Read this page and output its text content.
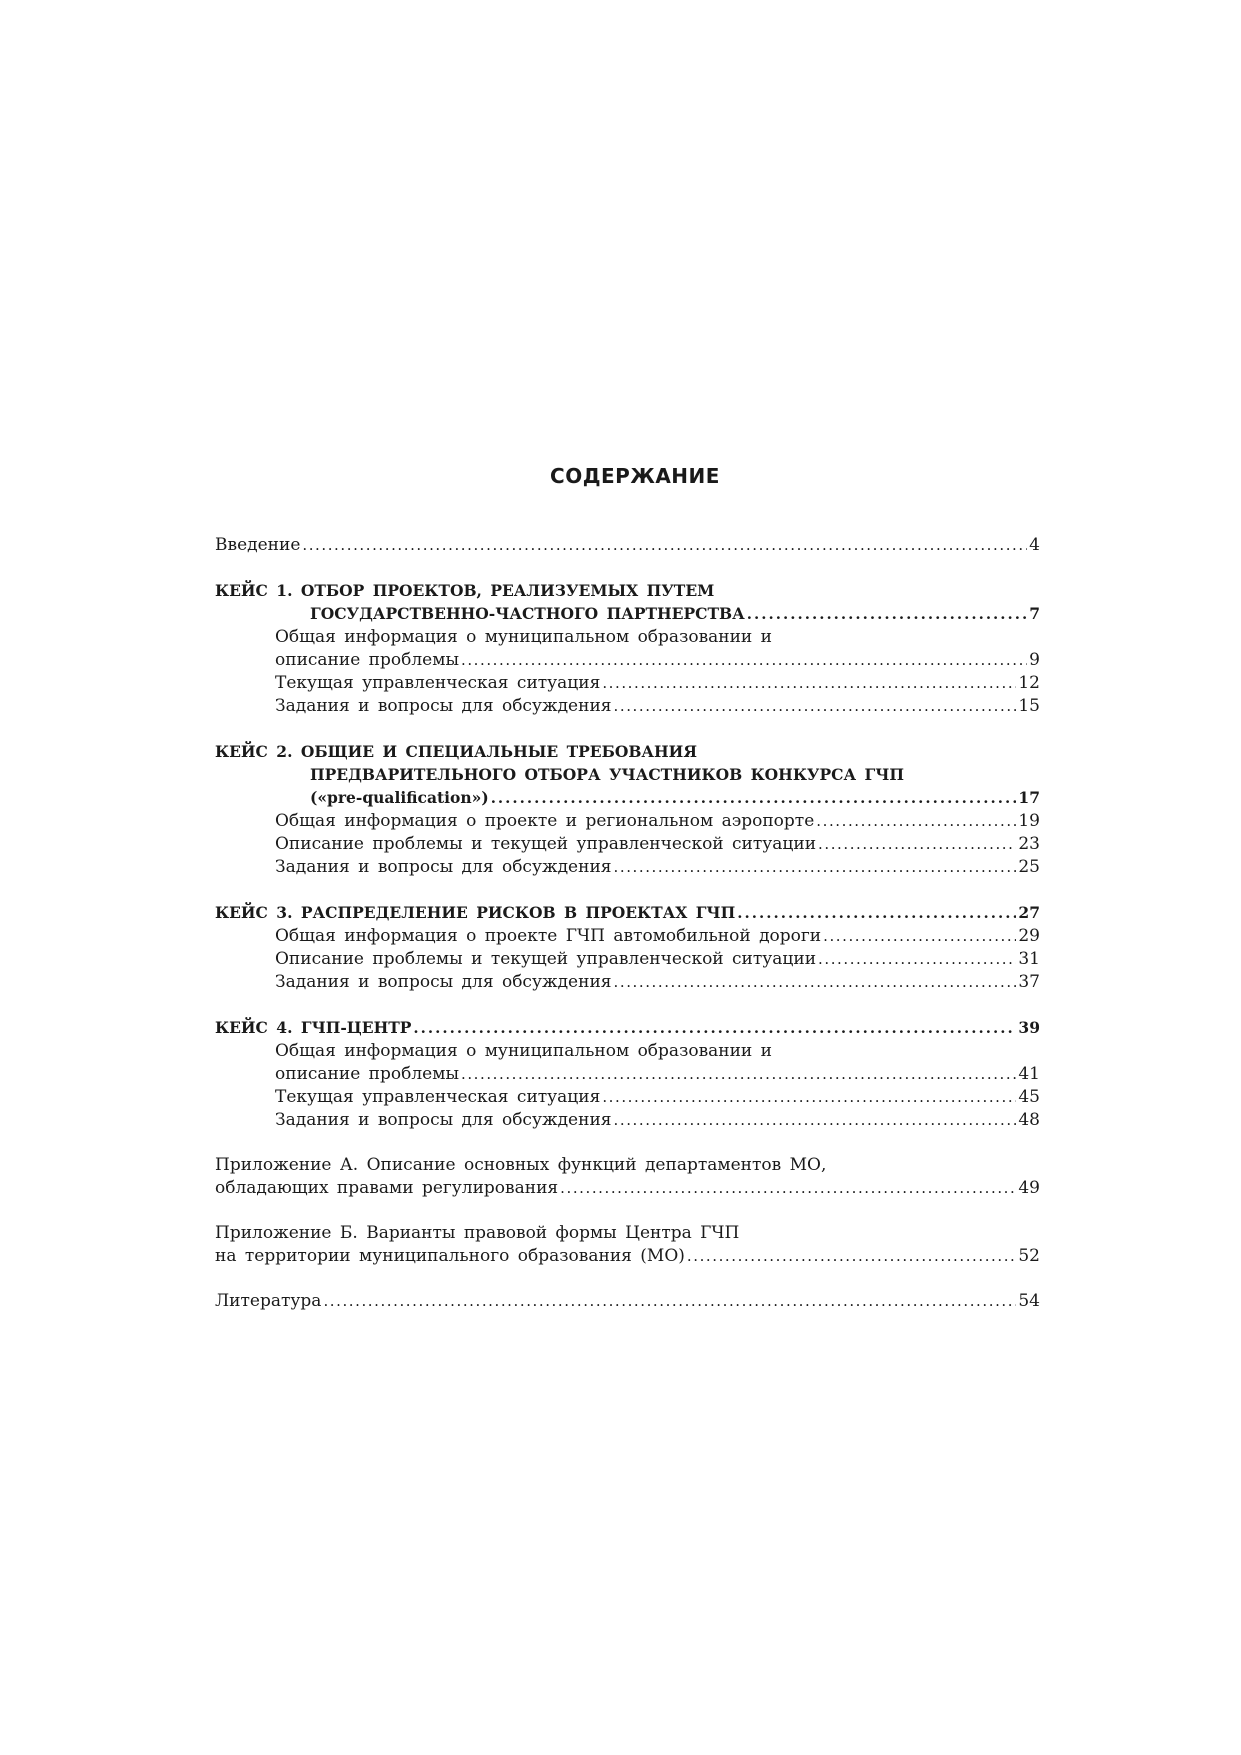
СОДЕРЖАНИЕ
Введение . . .	4
КЕЙС 1. ОТБОР ПРОЕКТОВ, РЕАЛИЗУЕМЫХ ПУТЕМ
ГОСУДАРСТВЕННО-ЧАСТНОГО ПАРТНЕРСТВА . . .	7
Общая информация о муниципальном образовании и
описание проблемы . . .	9
Текущая управленческая ситуация . . .	12
Задания и вопросы для обсуждения . . .	15
КЕЙС 2. ОБЩИЕ И СПЕЦИАЛЬНЫЕ ТРЕБОВАНИЯ
ПРЕДВАРИТЕЛЬНОГО ОТБОРА УЧАСТНИКОВ КОНКУРСА ГЧП
(«pre-qualification») . . .	17
Общая информация о проекте и региональном аэропорте . . .	19
Описание проблемы и текущей управленческой ситуации . . .	23
Задания и вопросы для обсуждения . . .	25
КЕЙС 3. РАСПРЕДЕЛЕНИЕ РИСКОВ В ПРОЕКТАХ ГЧП . . .	27
Общая информация о проекте ГЧП автомобильной дороги . . .	29
Описание проблемы и текущей управленческой ситуации . . .	31
Задания и вопросы для обсуждения . . .	37
КЕЙС 4. ГЧП-ЦЕНТР . . .	39
Общая информация о муниципальном образовании и
описание проблемы . . .	41
Текущая управленческая ситуация . . .	45
Задания и вопросы для обсуждения . . .	48
Приложение А. Описание основных функций департаментов МО,
обладающих правами регулирования . . .	49
Приложение Б. Варианты правовой формы Центра ГЧП
на территории муниципального образования (МО) . . .	52
Литература . . .	54
